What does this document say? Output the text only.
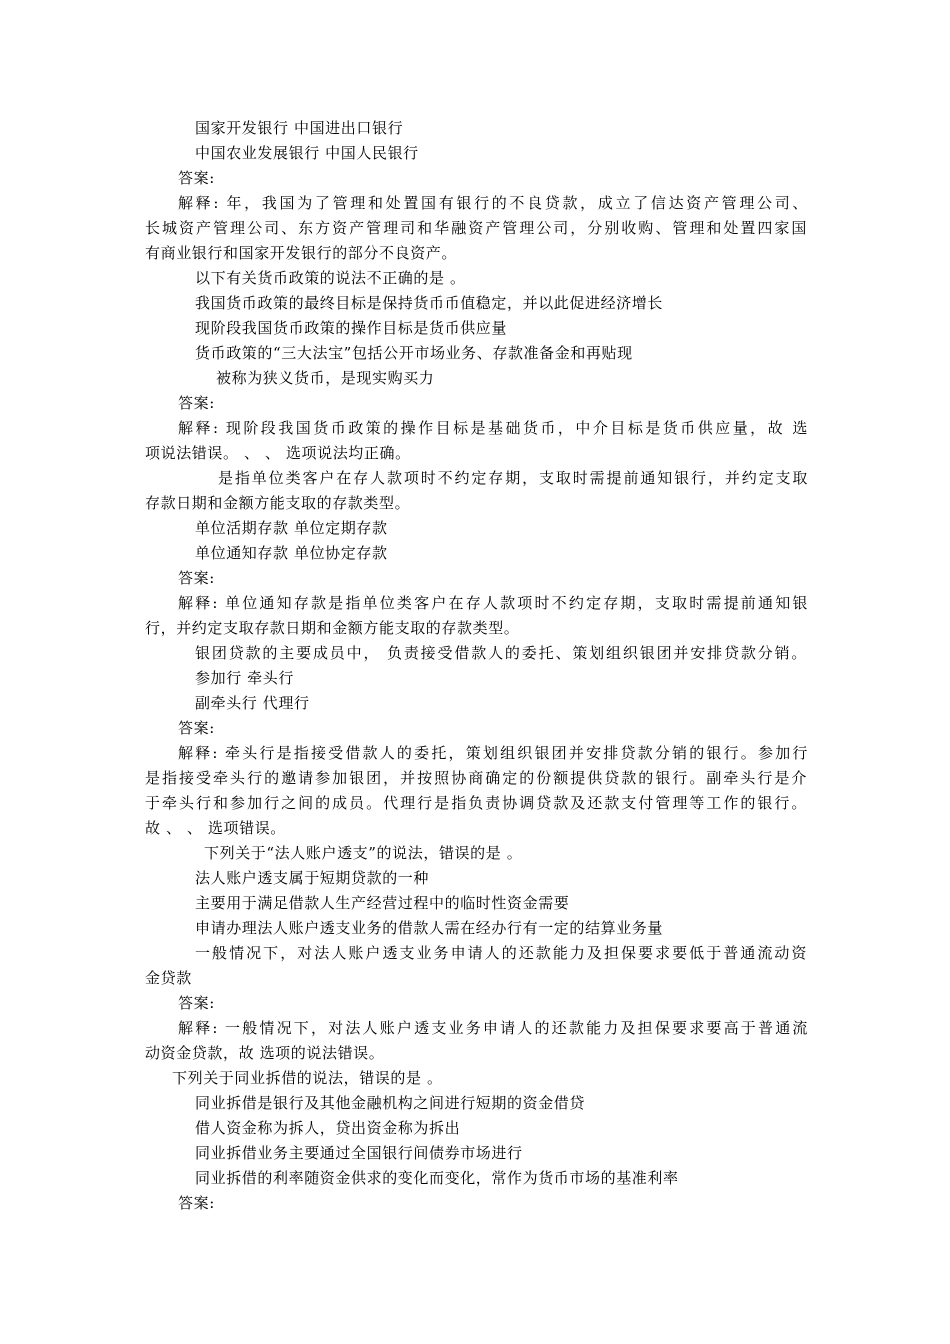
国家开发银行 中国进出口银行
中国农业发展银行 中国人民银行
答案:
解释: 年，我国为了管理和处置国有银行的不良贷款，成立了信达资产管理公司、
长城资产管理公司、东方资产管理司和华融资产管理公司，分别收购、管理和处置四家国
有商业银行和国家开发银行的部分不良资产。
以下有关货币政策的说法不正确的是 。
我国货币政策的最终目标是保持货币币值稳定，并以此促进经济增长
现阶段我国货币政策的操作目标是货币供应量
货币政策的“三大法宝”包括公开市场业务、存款准备金和再贴现
被称为狭义货币，是现实购买力
答案:
解释: 现阶段我国货币政策的操作目标是基础货币，中介目标是货币供应量，故 选
项说法错误。 、 、 选项说法均正确。
是指单位类客户在存人款项时不约定存期，支取时需提前通知银行，并约定支取
存款日期和金额方能支取的存款类型。
单位活期存款 单位定期存款
单位通知存款 单位协定存款
答案:
解释: 单位通知存款是指单位类客户在存人款项时不约定存期，支取时需提前通知银
行，并约定支取存款日期和金额方能支取的存款类型。
银团贷款的主要成员中， 负责接受借款人的委托、策划组织银团并安排贷款分销。
参加行 牵头行
副牵头行 代理行
答案:
解释: 牵头行是指接受借款人的委托，策划组织银团并安排贷款分销的银行。参加行
是指接受牵头行的邀请参加银团，并按照协商确定的份额提供贷款的银行。副牵头行是介
于牵头行和参加行之间的成员。代理行是指负责协调贷款及还款支付管理等工作的银行。
故 、 、 选项错误。
下列关于“法人账户透支”的说法，错误的是 。
法人账户透支属于短期贷款的一种
主要用于满足借款人生产经营过程中的临时性资金需要
申请办理法人账户透支业务的借款人需在经办行有一定的结算业务量
一般情况下，对法人账户透支业务申请人的还款能力及担保要求要低于普通流动资
金贷款
答案:
解释: 一般情况下，对法人账户透支业务申请人的还款能力及担保要求要高于普通流
动资金贷款，故 选项的说法错误。
下列关于同业拆借的说法，错误的是 。
同业拆借是银行及其他金融机构之间进行短期的资金借贷
借人资金称为拆人，贷出资金称为拆出
同业拆借业务主要通过全国银行间债券市场进行
同业拆借的利率随资金供求的变化而变化，常作为货币市场的基准利率
答案:
